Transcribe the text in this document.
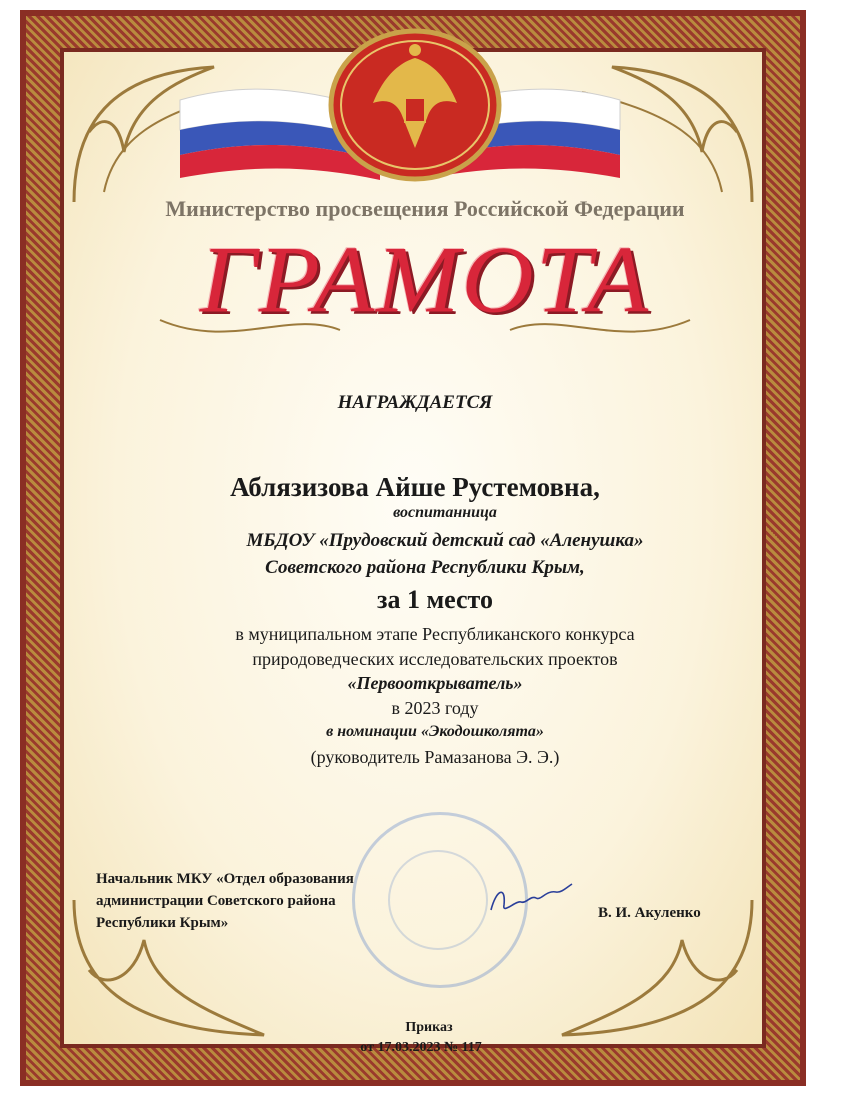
Министерство просвещения Российской Федерации
ГРАМОТА
НАГРАЖДАЕТСЯ
Аблязизова Айше Рустемовна,
воспитанница
МБДОУ «Прудовский детский сад «Аленушка»
Советского района Республики Крым,
за 1 место
в муниципальном этапе Республиканского конкурса
природоведческих исследовательских проектов
«Первооткрыватель»
в 2023 году
в номинации «Экодошколята»
(руководитель Рамазанова Э. Э.)
Начальник МКУ «Отдел образования
администрации Советского района
Республики Крым»
В. И. Акуленко
Приказ
от 17.03.2023 № 117
